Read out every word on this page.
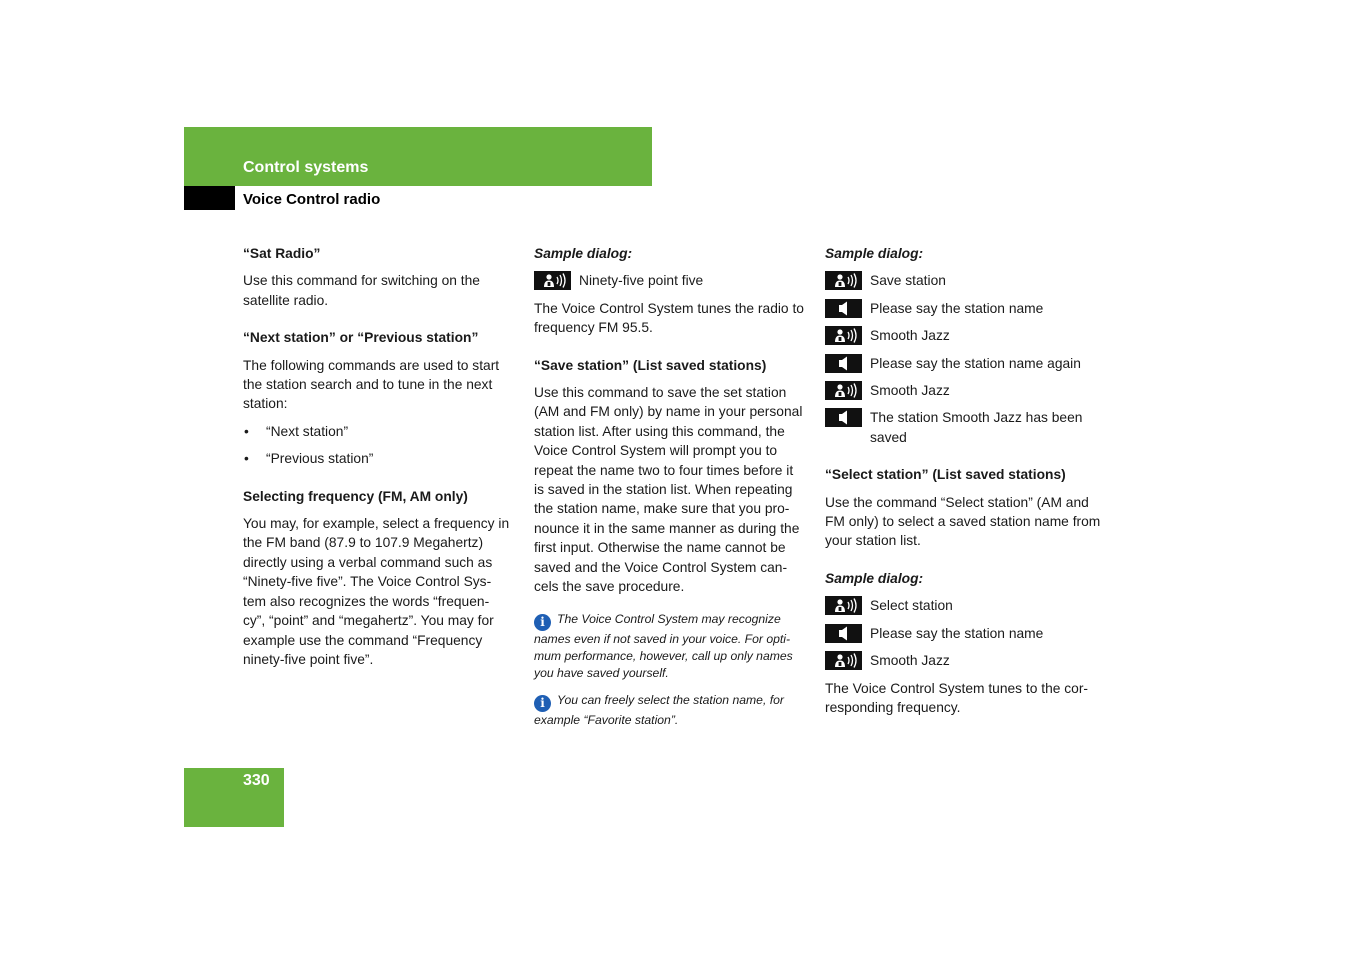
Control systems
Voice Control radio
“Sat Radio”

Use this command for switching on the satellite radio.

“Next station” or “Previous station”

The following commands are used to start the station search and to tune in the next station:

• “Next station”
• “Previous station”
Selecting frequency (FM, AM only)

You may, for example, select a frequency in the FM band (87.9 to 107.9 Megahertz) directly using a verbal command such as “Ninety-five five”. The Voice Control Sys- tem also recognizes the words “frequen- cy”, “point” and “megahertz”. You may for example use the command “Frequency ninety-five point five”.

Sample dialog:
Ninety-five point five

The Voice Control System tunes the radio to frequency FM 95.5.

“Save station” (List saved stations)

Use this command to save the set station (AM and FM only) by name in your personal station list. After using this command, the Voice Control System will prompt you to repeat the name two to four times before it is saved in the station list. When repeating the station name, make sure that you pro- nounce it in the same manner as during the first input. Otherwise the name cannot be saved and the Voice Control System can- cels the save procedure.

i The Voice Control System may recognize names even if not saved in your voice. For opti- mum performance, however, call up only names you have saved yourself.
i You can freely select the station name, for example “Favorite station”.
Sample dialog:
Save station
Please say the station name
Smooth Jazz
Please say the station name again
Smooth Jazz
The station Smooth Jazz has been saved
“Select station” (List saved stations)

Use the command “Select station” (AM and FM only) to select a saved station name from your station list.

Sample dialog:
Select station
Please say the station name
Smooth Jazz

The Voice Control System tunes to the cor- responding frequency.

330
